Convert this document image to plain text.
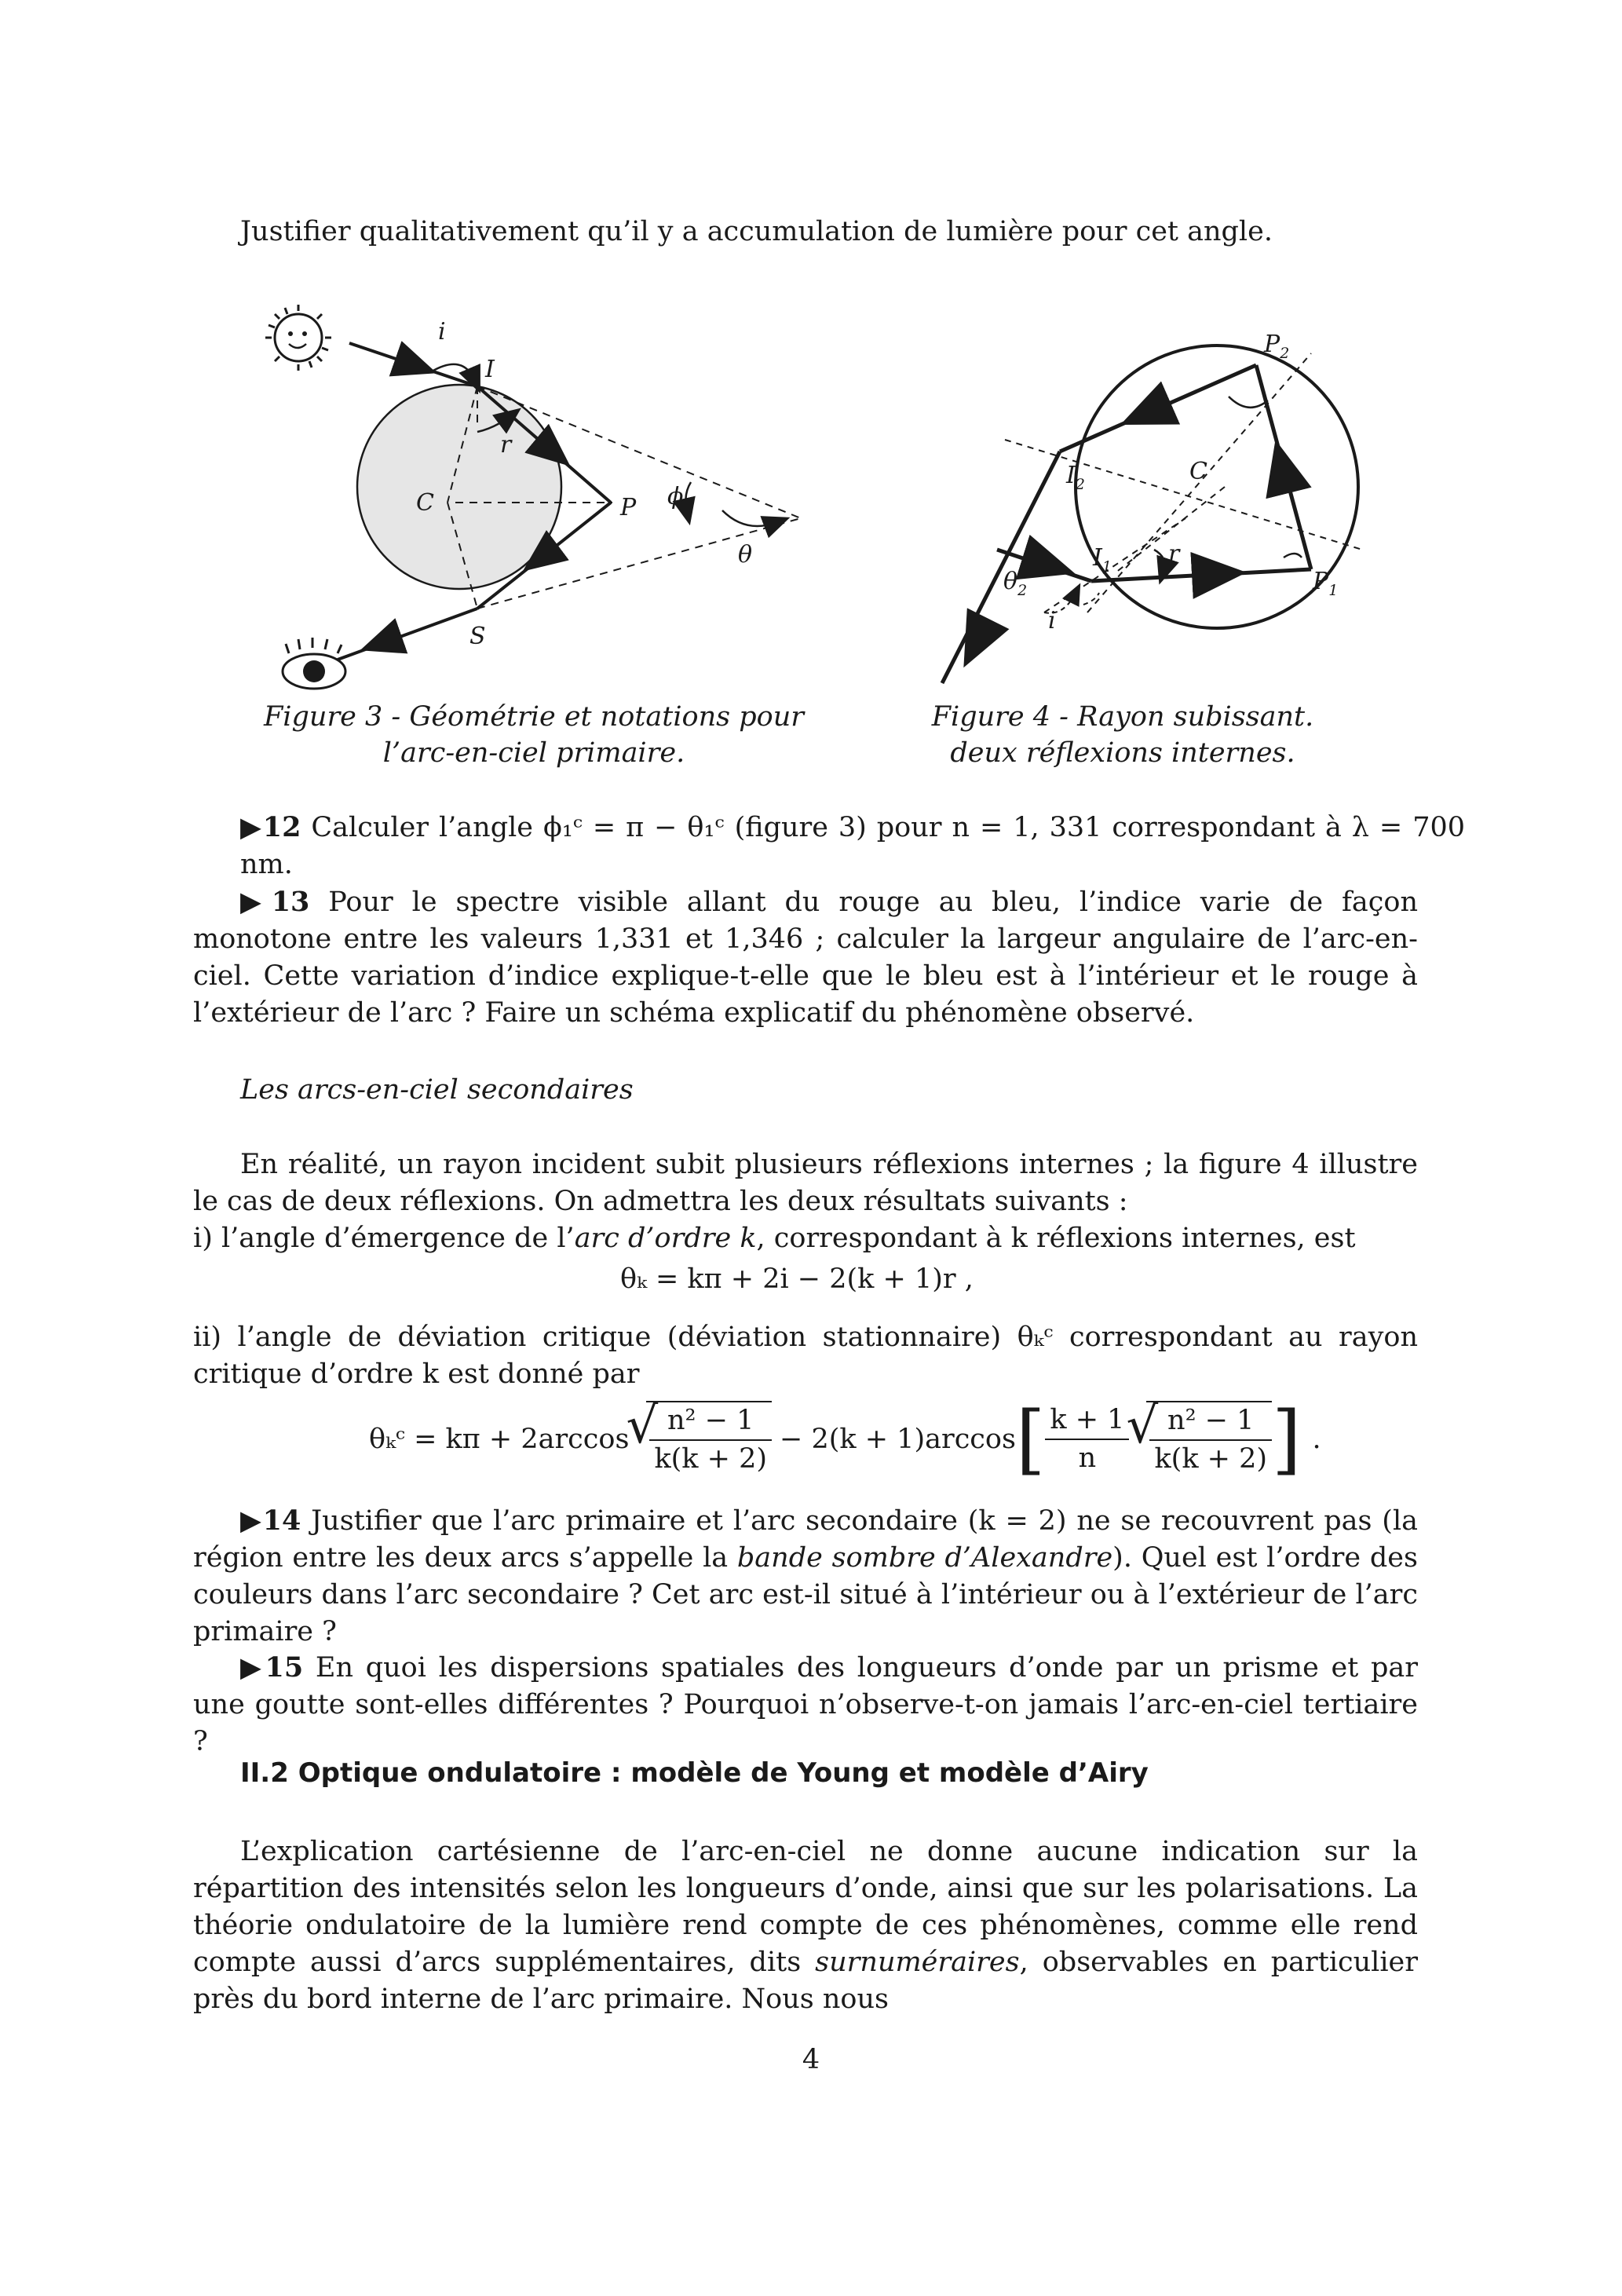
Justifier qualitativement qu’il y a accumulation de lumière pour cet angle.
i
I
r
C	P
S
ϕ
θ
Figure 3 - Géométrie et notations pour
l’arc-en-ciel primaire.
$P_2$
C
$I_2$
$I_1$ r
$P_1$
$\theta_2$
i
Figure 4 - Rayon subissant.
deux réflexions internes.
▶12 Calculer l’angle ϕ₁ᶜ = π − θ₁ᶜ (figure 3) pour n = 1, 331 correspondant à λ = 700 nm.
▶13 Pour le spectre visible allant du rouge au bleu, l’indice varie de façon monotone entre les valeurs 1,331 et 1,346 ; calculer la largeur angulaire de l’arc-en-ciel. Cette variation d’indice explique-t-elle que le bleu est à l’intérieur et le rouge à l’extérieur de l’arc ? Faire un schéma explicatif du phénomène observé.
Les arcs-en-ciel secondaires
En réalité, un rayon incident subit plusieurs réflexions internes ; la figure 4 illustre le cas de deux réflexions. On admettra les deux résultats suivants :
i) l’angle d’émergence de l’arc d’ordre k, correspondant à k réflexions internes, est
θₖ = kπ + 2i − 2(k + 1)r ,
ii) l’angle de déviation critique (déviation stationnaire) θₖᶜ correspondant au rayon critique d’ordre k est donné par
θₖᶜ = kπ + 2arccos √ $\frac{\text{n² − 1}}{k(k + 2)} - 2(k + 1)\arccos$ [ $\frac{k + 1}{n}$ √ $\frac{\text{n² − 1}}{k(k + 2)}$ ] .
▶14 Justifier que l’arc primaire et l’arc secondaire (k = 2) ne se recouvrent pas (la région entre les deux arcs s’appelle la bande sombre d’Alexandre). Quel est l’ordre des couleurs dans l’arc secondaire ? Cet arc est-il situé à l’intérieur ou à l’extérieur de l’arc primaire ?
▶15 En quoi les dispersions spatiales des longueurs d’onde par un prisme et par une goutte sont-elles différentes ? Pourquoi n’observe-t-on jamais l’arc-en-ciel tertiaire ?
II.2 Optique ondulatoire : modèle de Young et modèle d’Airy
L’explication cartésienne de l’arc-en-ciel ne donne aucune indication sur la répartition des intensités selon les longueurs d’onde, ainsi que sur les polarisations. La théorie ondulatoire de la lumière rend compte de ces phénomènes, comme elle rend compte aussi d’arcs supplémentaires, dits surnuméraires, observables en particulier près du bord interne de l’arc primaire. Nous nous
4
